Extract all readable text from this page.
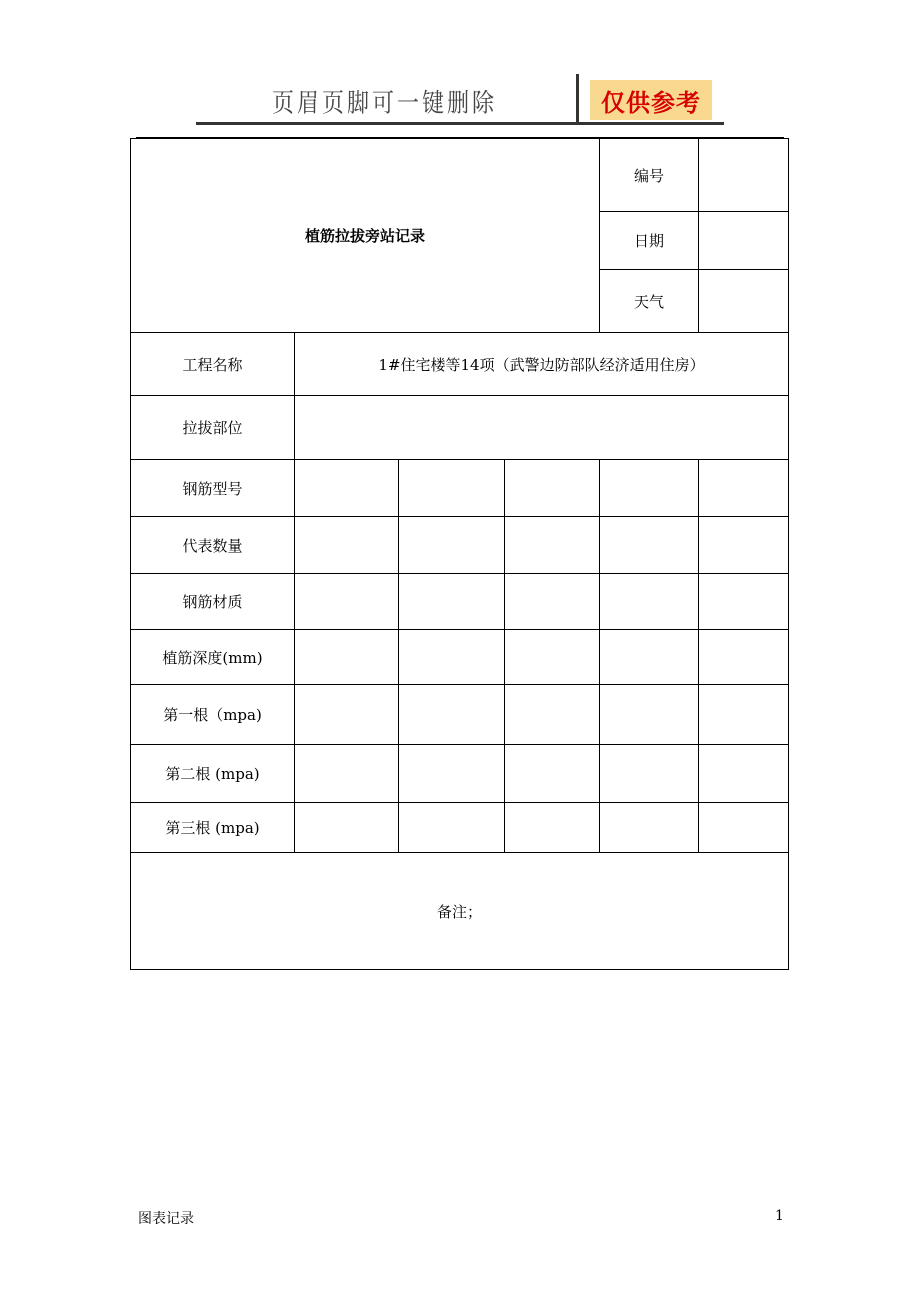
页眉页脚可一键删除	仅供参考
植筋拉拔旁站记录				编号	
				日期	
				天气	
工程名称	1#住宅楼等14项（武警边防部队经济适用住房）				
拉拔部位					
钢筋型号					
代表数量					
钢筋材质					
植筋深度(mm)					
第一根（mpa)					
第二根 (mpa)					
第三根 (mpa)					
备注；					
图表记录	1
